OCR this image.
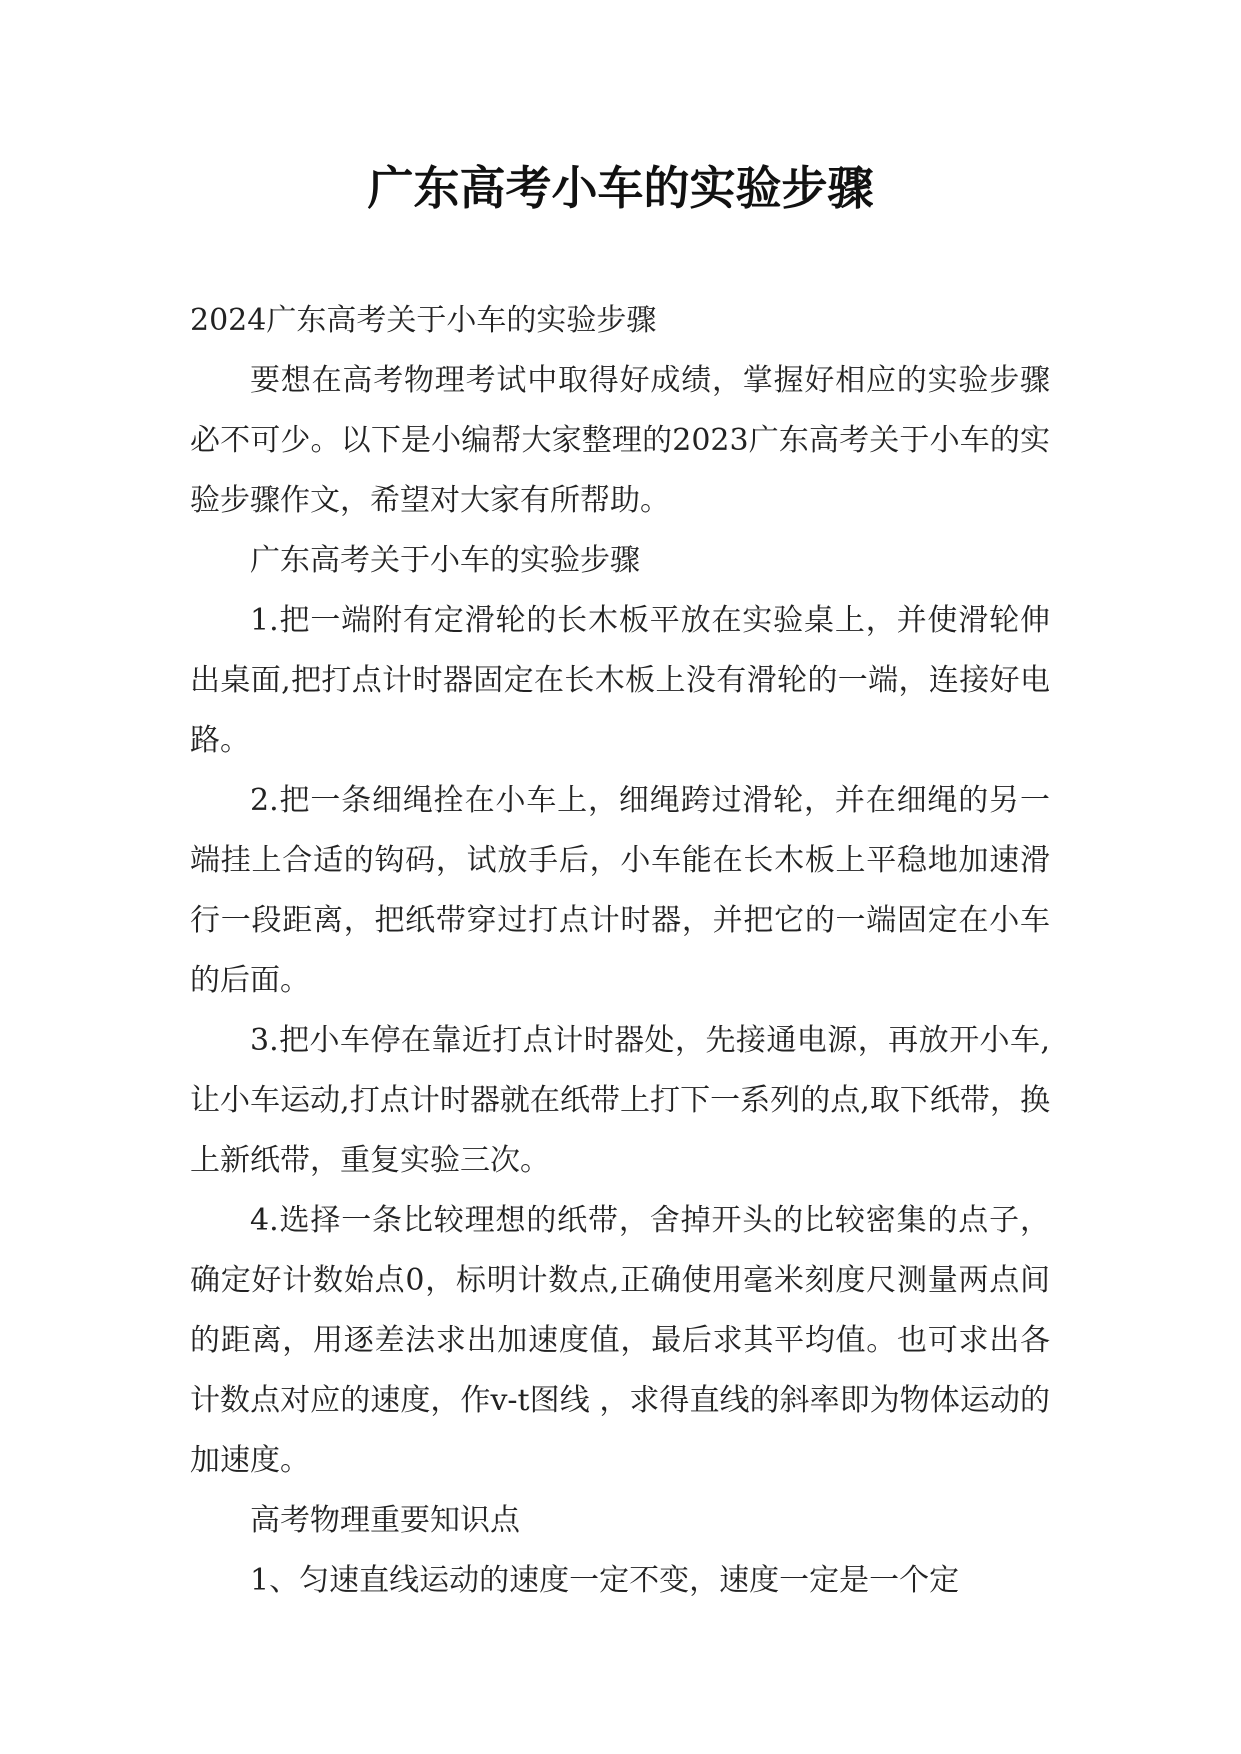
广东高考小车的实验步骤

2024广东高考关于小车的实验步骤

要想在高考物理考试中取得好成绩，掌握好相应的实验步骤必不可少。以下是小编帮大家整理的2023广东高考关于小车的实验步骤作文，希望对大家有所帮助。

广东高考关于小车的实验步骤

1.把一端附有定滑轮的长木板平放在实验桌上，并使滑轮伸出桌面,把打点计时器固定在长木板上没有滑轮的一端，连接好电路。

2.把一条细绳拴在小车上，细绳跨过滑轮，并在细绳的另一端挂上合适的钩码，试放手后，小车能在长木板上平稳地加速滑行一段距离，把纸带穿过打点计时器，并把它的一端固定在小车的后面。

3.把小车停在靠近打点计时器处，先接通电源，再放开小车,让小车运动,打点计时器就在纸带上打下一系列的点,取下纸带，换上新纸带，重复实验三次。

4.选择一条比较理想的纸带，舍掉开头的比较密集的点子，确定好计数始点0，标明计数点,正确使用毫米刻度尺测量两点间的距离，用逐差法求出加速度值，最后求其平均值。也可求出各计数点对应的速度，作v-t图线 ，求得直线的斜率即为物体运动的加速度。

高考物理重要知识点

1、匀速直线运动的速度一定不变，速度一定是一个定
